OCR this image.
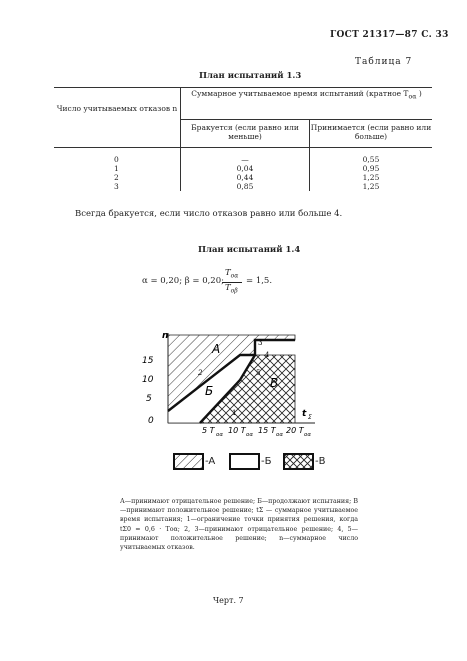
ГОСТ 21317—87 С. 33
Таблица 7
План испытаний 1.3
Число учитываемых отказов n	Суммарное учитываемое время испытаний (кратное $T_{о\alpha}$ )	
	Бракуется (если равно или меньше)	Принимается (если равно или больше)

0	—	0,55
1	0,04	0,95
2	0,44	1,25
3	0,85	1,25
Всегда бракуется, если число отказов равно или больше 4.
План испытаний 1.4
α = 0,20; β = 0,20;
$T_{о\alpha}$
$T_{о\beta}$
= 1,5.
A
Б
B
1
2
3
4
5
n
15
10
5
0
t Σ
5 T оα 10 T оα 15 T оα 20 T оα
-A	-Б	-В
А—принимают отрицательное решение; Б—продолжают испытания; В—принимают положительное решение; tΣ — суммарное учитываемое время испытания; 1—ограничение точки принятия решения, когда tΣ0 = 0,6 · Tоα; 2, 3—принимают отрицательное решение; 4, 5—принимают положительное решение; n—суммарное число учитываемых отказов.
Черт. 7
